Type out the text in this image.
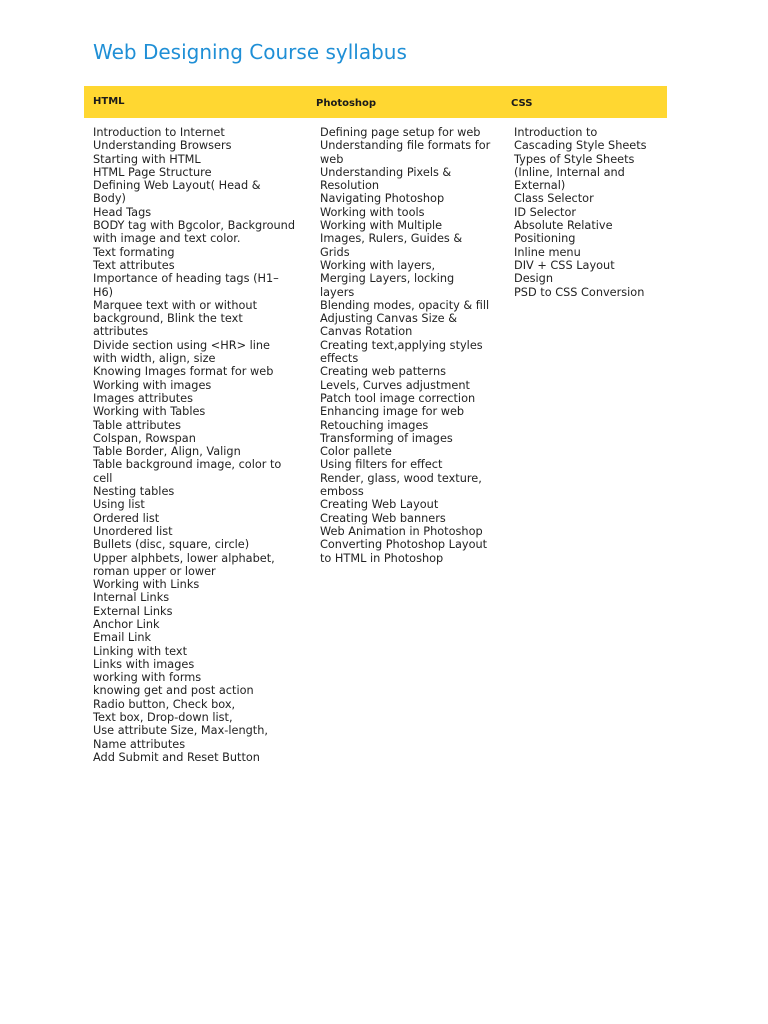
Web Designing Course syllabus
HTML	Photoshop	CSS
Introduction to Internet
Understanding Browsers
Starting with HTML
HTML Page Structure
Defining Web Layout( Head &
Body)
Head Tags
BODY tag with Bgcolor, Background
with image and text color.
Text formating
Text attributes
Importance of heading tags (H1–
H6)
Marquee text with or without
background, Blink the text
attributes
Divide section using <HR> line
with width, align, size
Knowing Images format for web
Working with images
Images attributes
Working with Tables
Table attributes
Colspan, Rowspan
Table Border, Align, Valign
Table background image, color to
cell
Nesting tables
Using list
Ordered list
Unordered list
Bullets (disc, square, circle)
Upper alphbets, lower alphabet,
roman upper or lower
Working with Links
Internal Links
External Links
Anchor Link
Email Link
Linking with text
Links with images
working with forms
knowing get and post action
Radio button, Check box,
Text box, Drop-down list,
Use attribute Size, Max-length,
Name attributes
Add Submit and Reset Button
Defining page setup for web
Understanding file formats for
web
Understanding Pixels &
Resolution
Navigating Photoshop
Working with tools
Working with Multiple
Images, Rulers, Guides &
Grids
Working with layers,
Merging Layers, locking
layers
Blending modes, opacity & fill
Adjusting Canvas Size &
Canvas Rotation
Creating text,applying styles
effects
Creating web patterns
Levels, Curves adjustment
Patch tool image correction
Enhancing image for web
Retouching images
Transforming of images
Color pallete
Using filters for effect
Render, glass, wood texture,
emboss
Creating Web Layout
Creating Web banners
Web Animation in Photoshop
Converting Photoshop Layout
to HTML in Photoshop
Introduction to
Cascading Style Sheets
Types of Style Sheets
(Inline, Internal and
External)
Class Selector
ID Selector
Absolute Relative
Positioning
Inline menu
DIV + CSS Layout
Design
PSD to CSS Conversion
